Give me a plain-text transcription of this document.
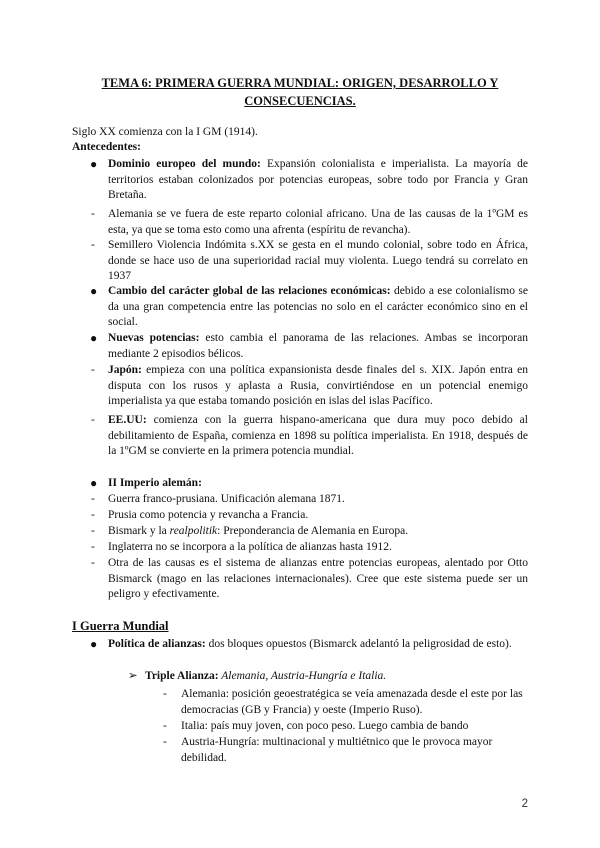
TEMA 6: PRIMERA GUERRA MUNDIAL: ORIGEN, DESARROLLO Y
CONSECUENCIAS.
Siglo XX comienza con la I GM (1914).
Antecedentes:
● Dominio europeo del mundo: Expansión colonialista e imperialista. La mayoría de territorios estaban colonizados por potencias europeas, sobre todo por Francia y Gran Bretaña.
- Alemania se ve fuera de este reparto colonial africano. Una de las causas de la 1ºGM es esta, ya que se toma esto como una afrenta (espíritu de revancha).
- Semillero Violencia Indómita s.XX se gesta en el mundo colonial, sobre todo en África, donde se hace uso de una superioridad racial muy violenta. Luego tendrá su correlato en 1937
● Cambio del carácter global de las relaciones económicas: debido a ese colonialismo se da una gran competencia entre las potencias no solo en el carácter económico sino en el social.
● Nuevas potencias: esto cambia el panorama de las relaciones. Ambas se incorporan mediante 2 episodios bélicos.
- Japón: empieza con una política expansionista desde finales del s. XIX. Japón entra en disputa con los rusos y aplasta a Rusia, convirtiéndose en un potencial enemigo imperialista ya que estaba tomando posición en islas del islas Pacífico.
- EE.UU: comienza con la guerra hispano-americana que dura muy poco debido al debilitamiento de España, comienza en 1898 su política imperialista. En 1918, después de la 1ºGM se convierte en la primera potencia mundial.
● II Imperio alemán:
- Guerra franco-prusiana. Unificación alemana 1871.
- Prusia como potencia y revancha a Francia.
- Bismark y la realpolitik: Preponderancia de Alemania en Europa.
- Inglaterra no se incorpora a la política de alianzas hasta 1912.
- Otra de las causas es el sistema de alianzas entre potencias europeas, alentado por Otto Bismarck (mago en las relaciones internacionales). Cree que este sistema puede ser un peligro y efectivamente.
I Guerra Mundial
● Política de alianzas: dos bloques opuestos (Bismarck adelantó la peligrosidad de esto).
➢ Triple Alianza: Alemania, Austria-Hungría e Italia.
- Alemania: posición geoestratégica se veía amenazada desde el este por las democracias (GB y Francia) y oeste (Imperio Ruso).
- Italia: país muy joven, con poco peso. Luego cambia de bando
- Austria-Hungría: multinacional y multiétnico que le provoca mayor debilidad.
2
